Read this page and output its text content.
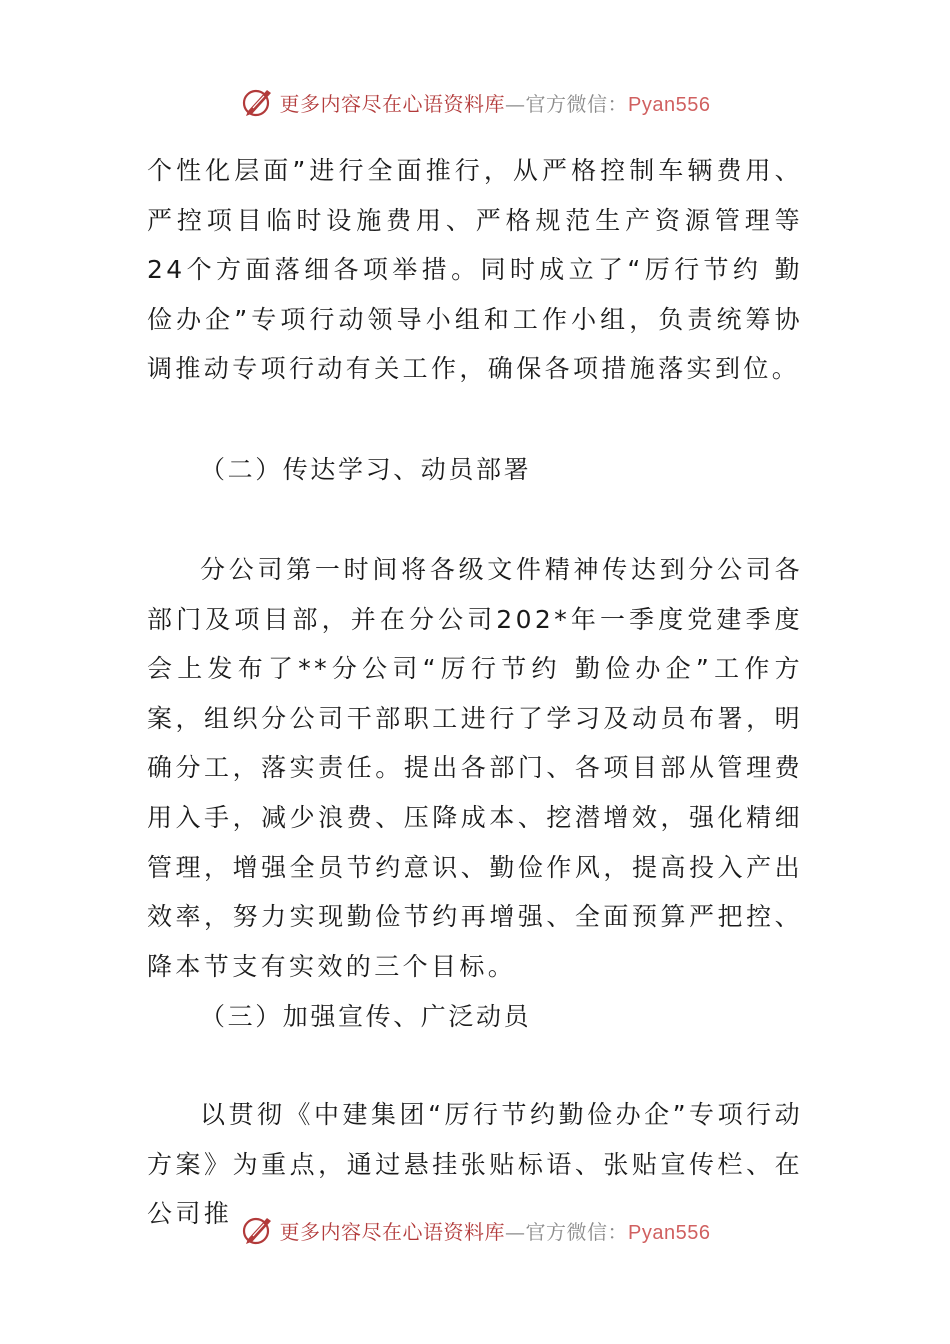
更多内容尽在心语资料库—官方微信：Pyan556
个性化层面”进行全面推行，从严格控制车辆费用、严控项目临时设施费用、严格规范生产资源管理等24个方面落细各项举措。同时成立了“厉行节约 勤俭办企”专项行动领导小组和工作小组，负责统筹协调推动专项行动有关工作，确保各项措施落实到位。
（二）传达学习、动员部署
分公司第一时间将各级文件精神传达到分公司各部门及项目部，并在分公司202*年一季度党建季度会上发布了**分公司“厉行节约 勤俭办企”工作方案，组织分公司干部职工进行了学习及动员布署，明确分工，落实责任。提出各部门、各项目部从管理费用入手，减少浪费、压降成本、挖潜增效，强化精细管理，增强全员节约意识、勤俭作风，提高投入产出效率，努力实现勤俭节约再增强、全面预算严把控、降本节支有实效的三个目标。
（三）加强宣传、广泛动员
以贯彻《中建集团“厉行节约勤俭办企”专项行动方案》为重点，通过悬挂张贴标语、张贴宣传栏、在公司推
更多内容尽在心语资料库—官方微信：Pyan556
